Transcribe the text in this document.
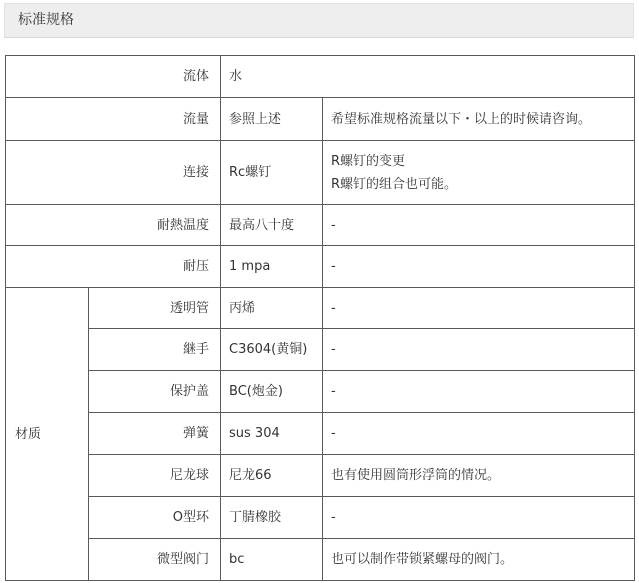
标准规格
流体		水	
流量		参照上述	希望标准规格流量以下・以上的时候请咨询。
连接		Rc螺钉	R螺钉的变更
R螺钉的组合也可能。

耐熱温度		最高八十度	-
耐压		1 mpa	-
材质	透明管	丙烯	-
	継手	C3604(黄铜)	-
	保护盖	BC(炮金)	-
	弹簧	sus 304	-
	尼龙球	尼龙66	也有使用圆筒形浮筒的情况。
	O型环	丁腈橡胶	-
	微型阀门	bc	也可以制作带锁紧螺母的阀门。
